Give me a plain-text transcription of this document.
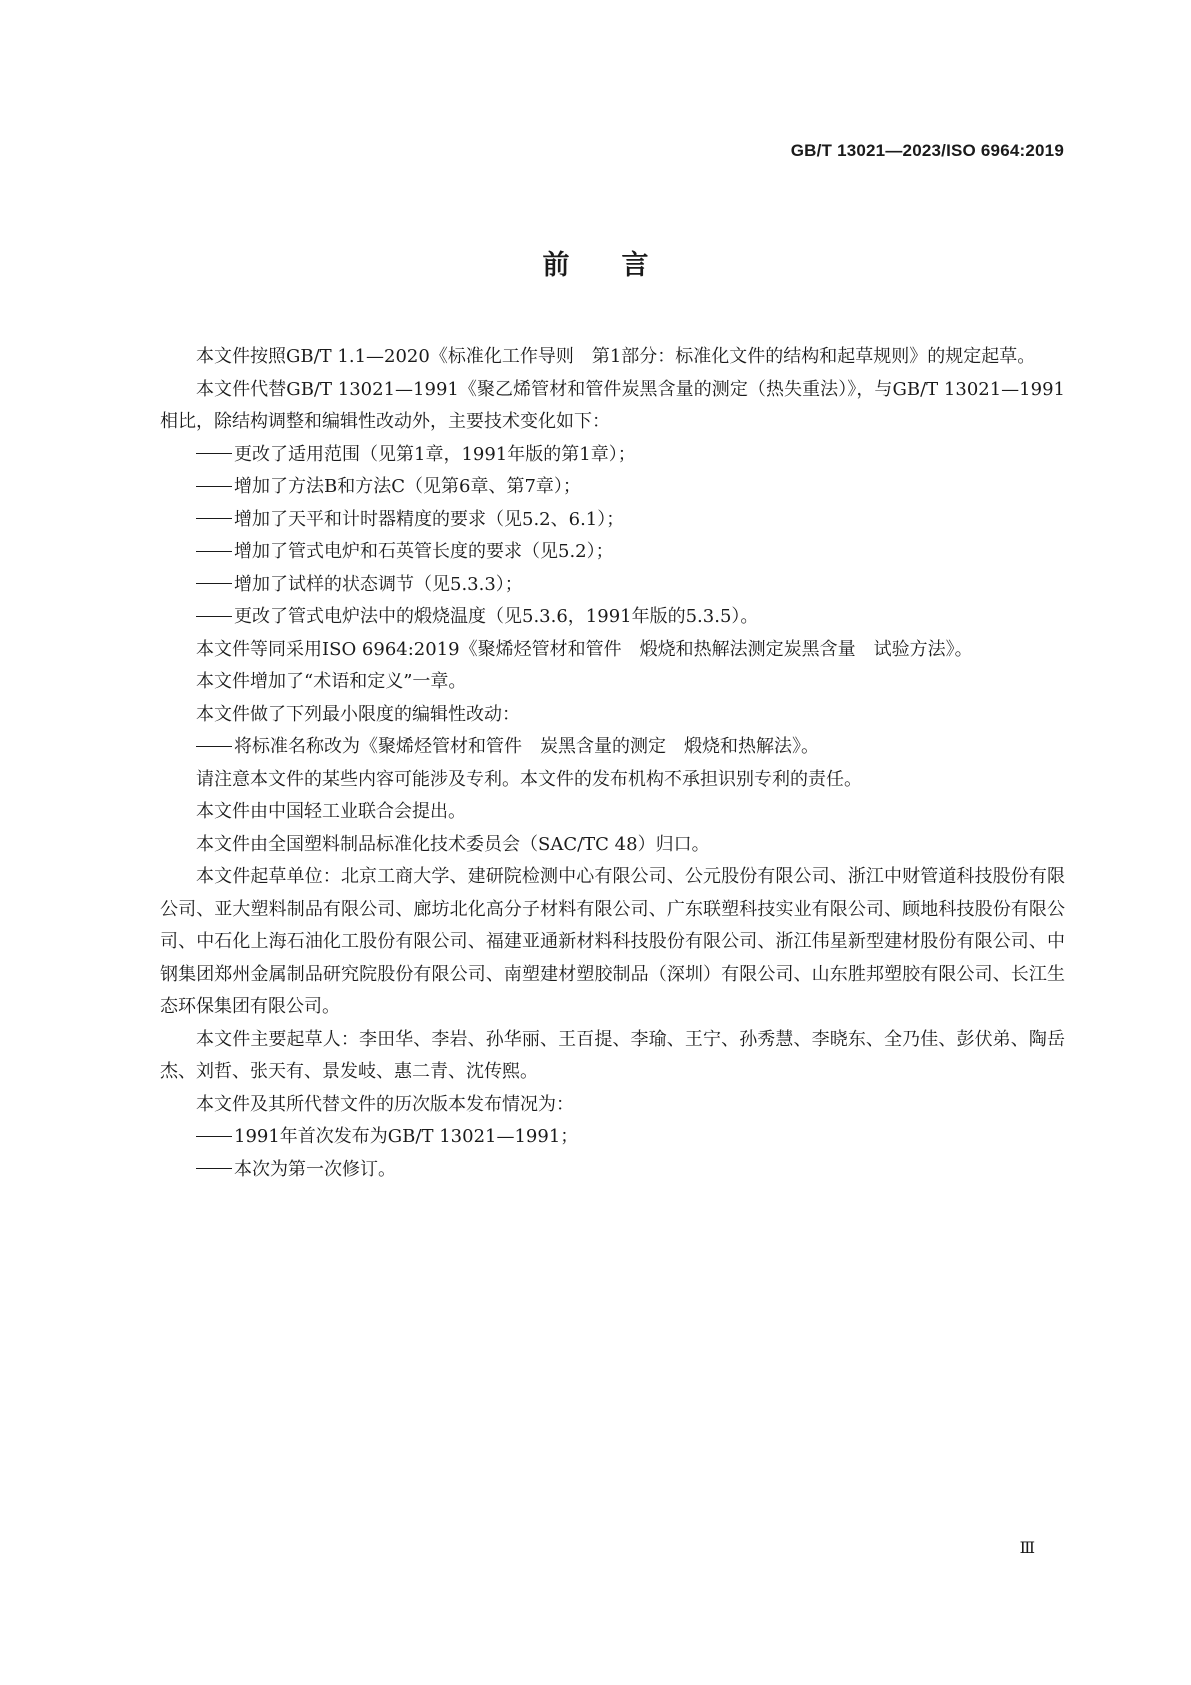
GB/T 13021—2023/ISO 6964:2019
前言

本文件按照GB/T 1.1—2020《标准化工作导则　第1部分：标准化文件的结构和起草规则》的规定起草。

本文件代替GB/T 13021—1991《聚乙烯管材和管件炭黑含量的测定（热失重法）》，与GB/T 13021—1991相比，除结构调整和编辑性改动外，主要技术变化如下：

更改了适用范围（见第1章，1991年版的第1章）；

增加了方法B和方法C（见第6章、第7章）；

增加了天平和计时器精度的要求（见5.2、6.1）；

增加了管式电炉和石英管长度的要求（见5.2）；

增加了试样的状态调节（见5.3.3）；

更改了管式电炉法中的煅烧温度（见5.3.6，1991年版的5.3.5）。

本文件等同采用ISO 6964:2019《聚烯烃管材和管件　煅烧和热解法测定炭黑含量　试验方法》。

本文件增加了“术语和定义”一章。

本文件做了下列最小限度的编辑性改动：

将标准名称改为《聚烯烃管材和管件　炭黑含量的测定　煅烧和热解法》。

请注意本文件的某些内容可能涉及专利。本文件的发布机构不承担识别专利的责任。

本文件由中国轻工业联合会提出。

本文件由全国塑料制品标准化技术委员会（SAC/TC 48）归口。

本文件起草单位：北京工商大学、建研院检测中心有限公司、公元股份有限公司、浙江中财管道科技股份有限公司、亚大塑料制品有限公司、廊坊北化高分子材料有限公司、广东联塑科技实业有限公司、顾地科技股份有限公司、中石化上海石油化工股份有限公司、福建亚通新材料科技股份有限公司、浙江伟星新型建材股份有限公司、中钢集团郑州金属制品研究院股份有限公司、南塑建材塑胶制品（深圳）有限公司、山东胜邦塑胶有限公司、长江生态环保集团有限公司。

本文件主要起草人：李田华、李岩、孙华丽、王百提、李瑜、王宁、孙秀慧、李晓东、全乃佳、彭伏弟、陶岳杰、刘哲、张天有、景发岐、惠二青、沈传熙。

本文件及其所代替文件的历次版本发布情况为：

1991年首次发布为GB/T 13021—1991；

本次为第一次修订。

Ⅲ
